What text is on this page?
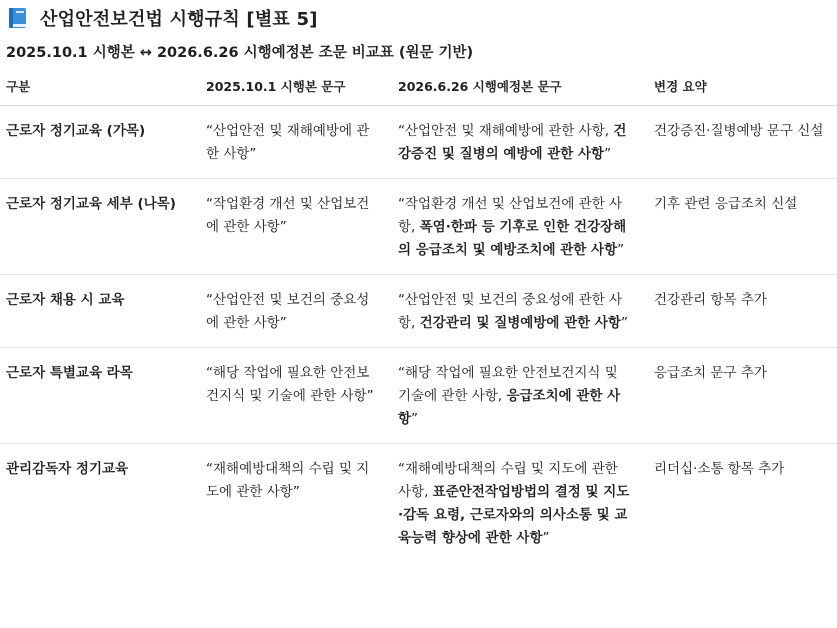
산업안전보건법 시행규칙 [별표 5]
2025.10.1 시행본 ↔ 2026.6.26 시행예정본 조문 비교표 (원문 기반)
구분	2025.10.1 시행본 문구	2026.6.26 시행예정본 문구	변경 요약
근로자 정기교육 (가목)	“산업안전 및 재해예방에 관한 사항”	“산업안전 및 재해예방에 관한 사항, 건강증진 및 질병의 예방에 관한 사항”	건강증진·질병예방 문구 신설
근로자 정기교육 세부 (나목)	“작업환경 개선 및 산업보건에 관한 사항”	“작업환경 개선 및 산업보건에 관한 사항, 폭염·한파 등 기후로 인한 건강장해의 응급조치 및 예방조치에 관한 사항”	기후 관련 응급조치 신설
근로자 채용 시 교육	“산업안전 및 보건의 중요성에 관한 사항”	“산업안전 및 보건의 중요성에 관한 사항, 건강관리 및 질병예방에 관한 사항”	건강관리 항목 추가
근로자 특별교육 라목	“해당 작업에 필요한 안전보건지식 및 기술에 관한 사항”	“해당 작업에 필요한 안전보건지식 및 기술에 관한 사항, 응급조치에 관한 사항”	응급조치 문구 추가
관리감독자 정기교육	“재해예방대책의 수립 및 지도에 관한 사항”	“재해예방대책의 수립 및 지도에 관한 사항, 표준안전작업방법의 결정 및 지도·감독 요령, 근로자와의 의사소통 및 교육능력 향상에 관한 사항”	리더십·소통 항목 추가
